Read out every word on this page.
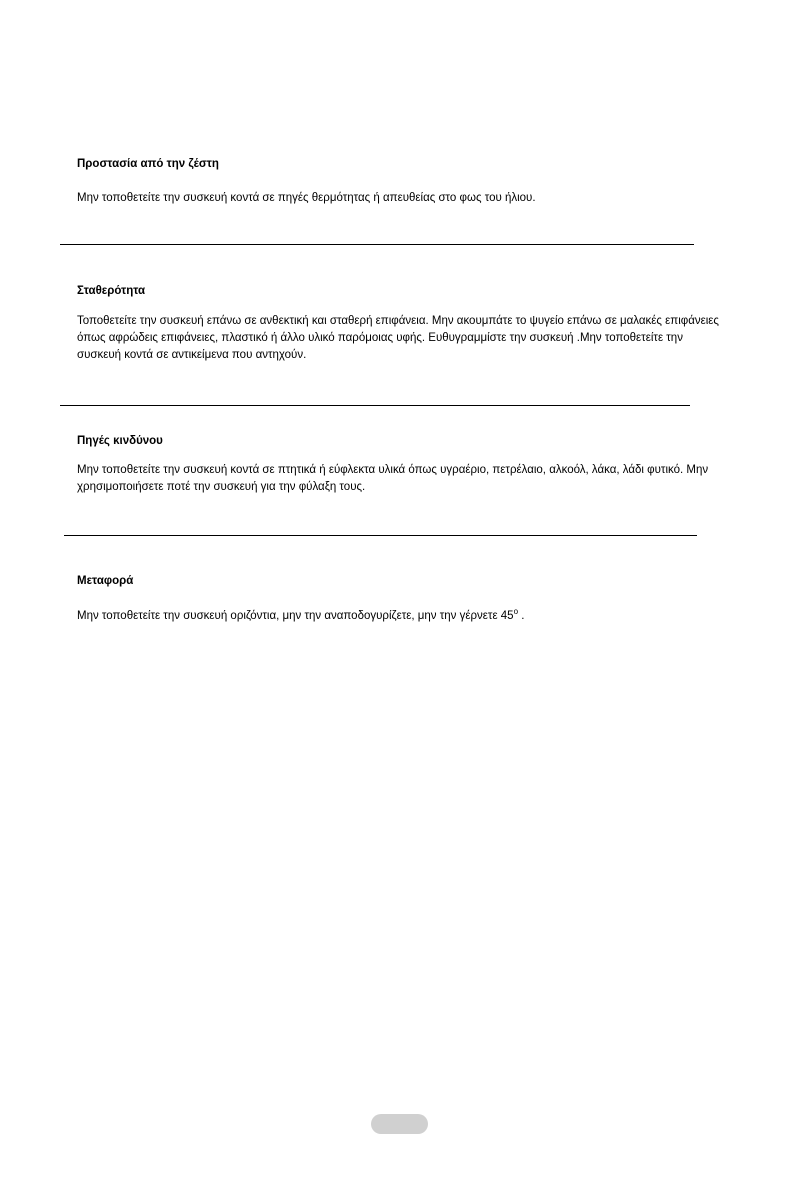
Προστασία από την ζέστη

Μην τοποθετείτε την συσκευή κοντά σε πηγές θερμότητας ή απευθείας στο φως του ήλιου.

Σταθερότητα

Τοποθετείτε την συσκευή επάνω σε ανθεκτική και σταθερή επιφάνεια. Μην ακουμπάτε το ψυγείο επάνω σε μαλακές επιφάνειες όπως αφρώδεις επιφάνειες, πλαστικό ή άλλο υλικό παρόμοιας υφής. Ευθυγραμμίστε την συσκευή .Μην τοποθετείτε την συσκευή κοντά σε αντικείμενα που αντηχούν.

Πηγές κινδύνου

Μην τοποθετείτε την συσκευή κοντά σε πτητικά ή εύφλεκτα υλικά όπως υγραέριο, πετρέλαιο, αλκοόλ, λάκα, λάδι φυτικό. Μην χρησιμοποιήσετε ποτέ την συσκευή για την φύλαξη τους.

Μεταφορά

Μην τοποθετείτε την συσκευή οριζόντια, μην την αναποδογυρίζετε, μην την γέρνετε 45$^o$ .
